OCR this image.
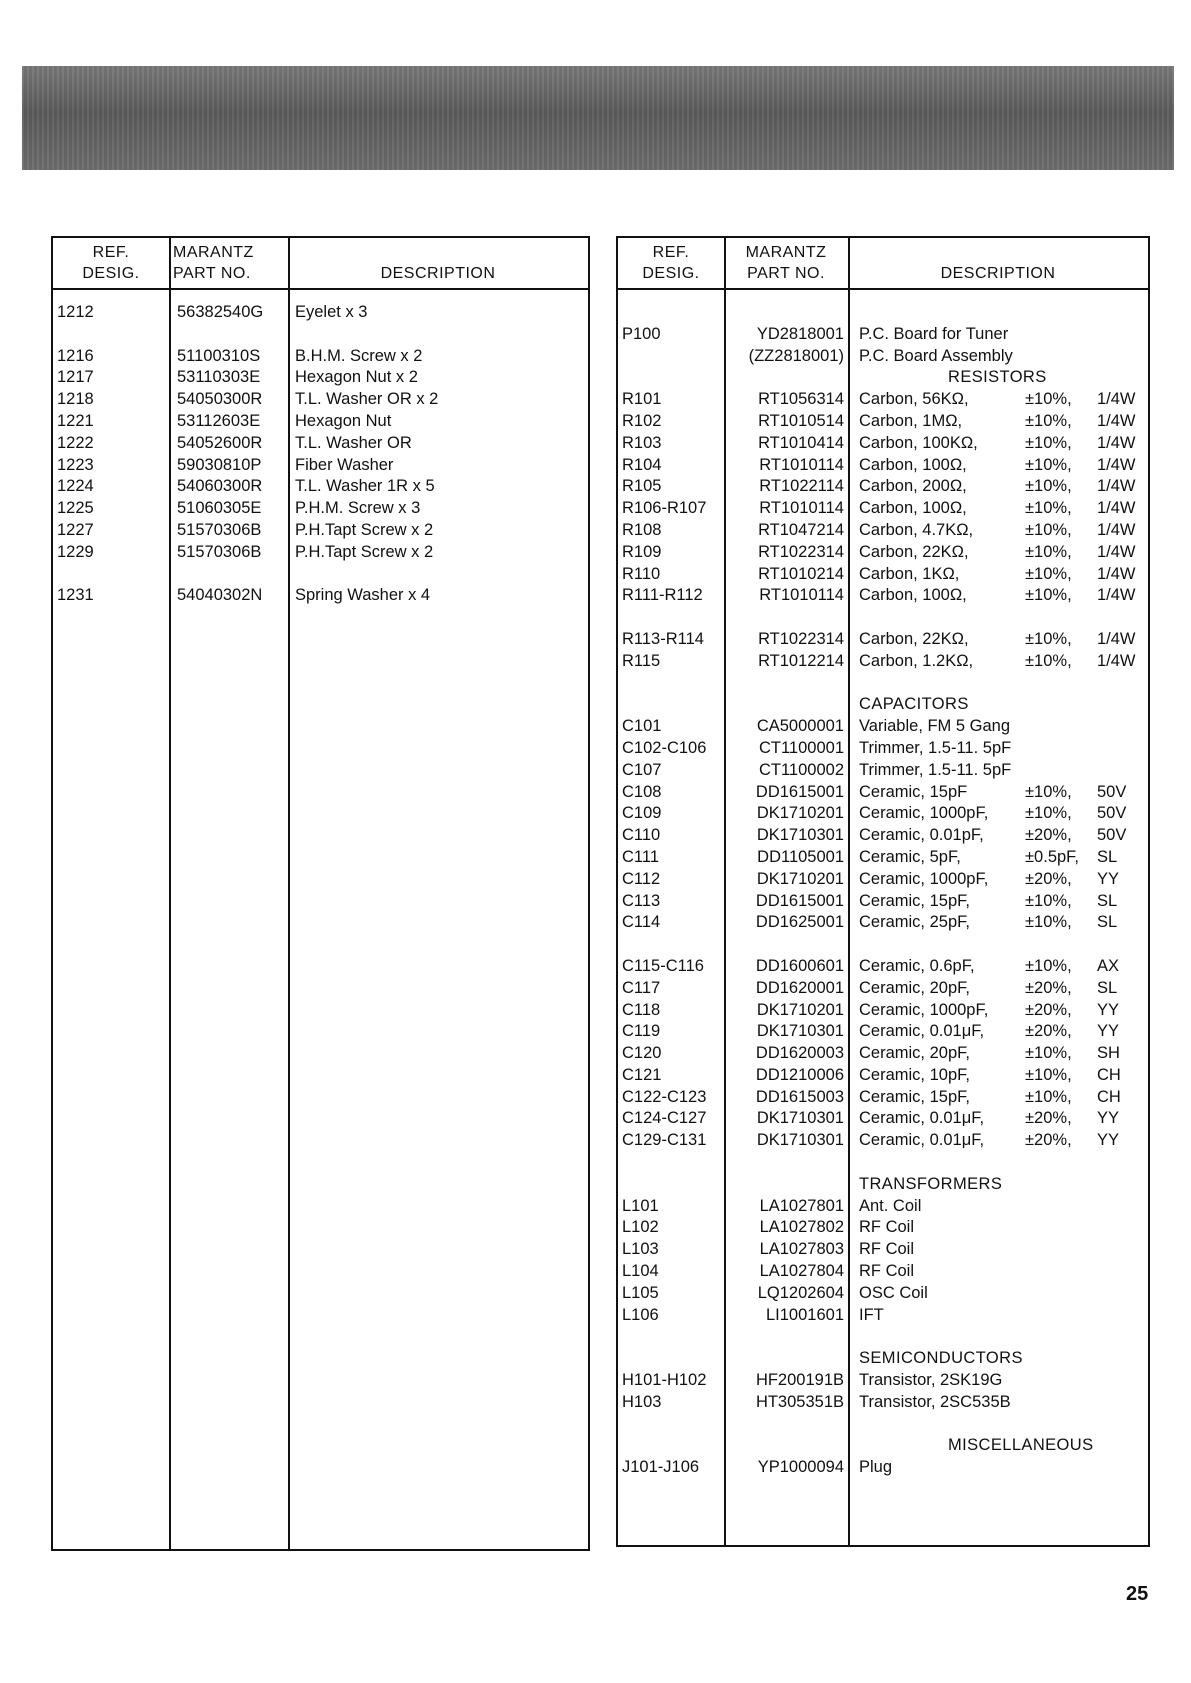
REF.
DESIG.
MARANTZ
PART NO.	DESCRIPTION
1212	56382540G Eyelet x 3
1216	51100310S B.H.M. Screw x 2
1217	53110303E Hexagon Nut x 2
1218	54050300R T.L. Washer OR x 2
1221	53112603E Hexagon Nut
1222	54052600R T.L. Washer OR
1223	59030810P Fiber Washer
1224	54060300R T.L. Washer 1R x 5
1225	51060305E P.H.M. Screw x 3
1227	51570306B P.H.Tapt Screw x 2
1229	51570306B P.H.Tapt Screw x 2
1231	54040302N Spring Washer x 4
REF.
DESIG.
MARANTZ
PART NO.	DESCRIPTION
P100	YD2818001 P.C. Board for Tuner
(ZZ2818001) P.C. Board Assembly
RESISTORS
R101	RT1056314 Carbon, 56KΩ,	±10%, 1/4W
R102	RT1010514 Carbon, 1MΩ,	±10%, 1/4W
R103	RT1010414 Carbon, 100KΩ,	±10%, 1/4W
R104	RT1010114 Carbon, 100Ω,	±10%, 1/4W
R105	RT1022114 Carbon, 200Ω,	±10%, 1/4W
R106-R107	RT1010114 Carbon, 100Ω,	±10%, 1/4W
R108	RT1047214 Carbon, 4.7KΩ,	±10%, 1/4W
R109	RT1022314 Carbon, 22KΩ,	±10%, 1/4W
R110	RT1010214 Carbon, 1KΩ,	±10%, 1/4W
R111-R112	RT1010114 Carbon, 100Ω,	±10%, 1/4W
R113-R114	RT1022314 Carbon, 22KΩ,	±10%, 1/4W
R115	RT1012214 Carbon, 1.2KΩ,	±10%, 1/4W
CAPACITORS
C101	CA5000001 Variable, FM 5 Gang
C102-C106	CT1100001 Trimmer, 1.5-11. 5pF
C107	CT1100002 Trimmer, 1.5-11. 5pF
C108	DD1615001 Ceramic, 15pF	±10%, 50V
C109	DK1710201 Ceramic, 1000pF, ±10%, 50V
C110	DK1710301 Ceramic, 0.01pF,	±20%, 50V
C111	DD1105001 Ceramic, 5pF,	±0.5pF, SL
C112	DK1710201 Ceramic, 1000pF, ±20%, YY
C113	DD1615001 Ceramic, 15pF,	±10%, SL
C114	DD1625001 Ceramic, 25pF,	±10%, SL
C115-C116	DD1600601 Ceramic, 0.6pF,	±10%, AX
C117	DD1620001 Ceramic, 20pF,	±20%, SL
C118	DK1710201 Ceramic, 1000pF, ±20%, YY
C119	DK1710301 Ceramic, 0.01μF, ±20%, YY
C120	DD1620003 Ceramic, 20pF,	±10%, SH
C121	DD1210006 Ceramic, 10pF,	±10%, CH
C122-C123	DD1615003 Ceramic, 15pF,	±10%, CH
C124-C127	DK1710301 Ceramic, 0.01μF, ±20%, YY
C129-C131	DK1710301 Ceramic, 0.01μF, ±20%, YY
TRANSFORMERS
L101	LA1027801 Ant. Coil
L102	LA1027802 RF Coil
L103	LA1027803 RF Coil
L104	LA1027804 RF Coil
L105	LQ1202604 OSC Coil
L106	LI1001601 IFT
SEMICONDUCTORS
H101-H102	HF200191B Transistor, 2SK19G
H103	HT305351B Transistor, 2SC535B
MISCELLANEOUS
J101-J106	YP1000094 Plug
25
